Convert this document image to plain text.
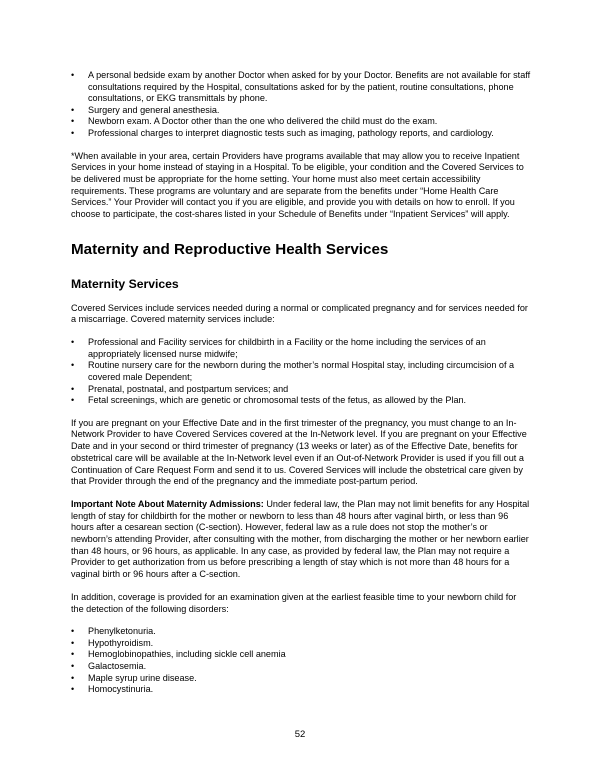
• A personal bedside exam by another Doctor when asked for by your Doctor. Benefits are not available for staff consultations required by the Hospital, consultations asked for by the patient, routine consultations, phone consultations, or EKG transmittals by phone.
• Surgery and general anesthesia.
• Newborn exam. A Doctor other than the one who delivered the child must do the exam.
• Professional charges to interpret diagnostic tests such as imaging, pathology reports, and cardiology.

*When available in your area, certain Providers have programs available that may allow you to receive Inpatient Services in your home instead of staying in a Hospital. To be eligible, your condition and the Covered Services to be delivered must be appropriate for the home setting. Your home must also meet certain accessibility requirements. These programs are voluntary and are separate from the benefits under “Home Health Care Services.” Your Provider will contact you if you are eligible, and provide you with details on how to enroll. If you choose to participate, the cost-shares listed in your Schedule of Benefits under “Inpatient Services” will apply.

Maternity and Reproductive Health Services
Maternity Services

Covered Services include services needed during a normal or complicated pregnancy and for services needed for a miscarriage. Covered maternity services include:

• Professional and Facility services for childbirth in a Facility or the home including the services of an appropriately licensed nurse midwife;
• Routine nursery care for the newborn during the mother’s normal Hospital stay, including circumcision of a covered male Dependent;
• Prenatal, postnatal, and postpartum services; and
• Fetal screenings, which are genetic or chromosomal tests of the fetus, as allowed by the Plan.

If you are pregnant on your Effective Date and in the first trimester of the pregnancy, you must change to an In-Network Provider to have Covered Services covered at the In-Network level. If you are pregnant on your Effective Date and in your second or third trimester of pregnancy (13 weeks or later) as of the Effective Date, benefits for obstetrical care will be available at the In-Network level even if an Out-of-Network Provider is used if you fill out a Continuation of Care Request Form and send it to us. Covered Services will include the obstetrical care given by that Provider through the end of the pregnancy and the immediate post-partum period.

Important Note About Maternity Admissions: Under federal law, the Plan may not limit benefits for any Hospital length of stay for childbirth for the mother or newborn to less than 48 hours after vaginal birth, or less than 96 hours after a cesarean section (C-section). However, federal law as a rule does not stop the mother’s or newborn’s attending Provider, after consulting with the mother, from discharging the mother or her newborn earlier than 48 hours, or 96 hours, as applicable. In any case, as provided by federal law, the Plan may not require a Provider to get authorization from us before prescribing a length of stay which is not more than 48 hours for a vaginal birth or 96 hours after a C-section.

In addition, coverage is provided for an examination given at the earliest feasible time to your newborn child for the detection of the following disorders:

• Phenylketonuria.
• Hypothyroidism.
• Hemoglobinopathies, including sickle cell anemia
• Galactosemia.
• Maple syrup urine disease.
• Homocystinuria.
52
